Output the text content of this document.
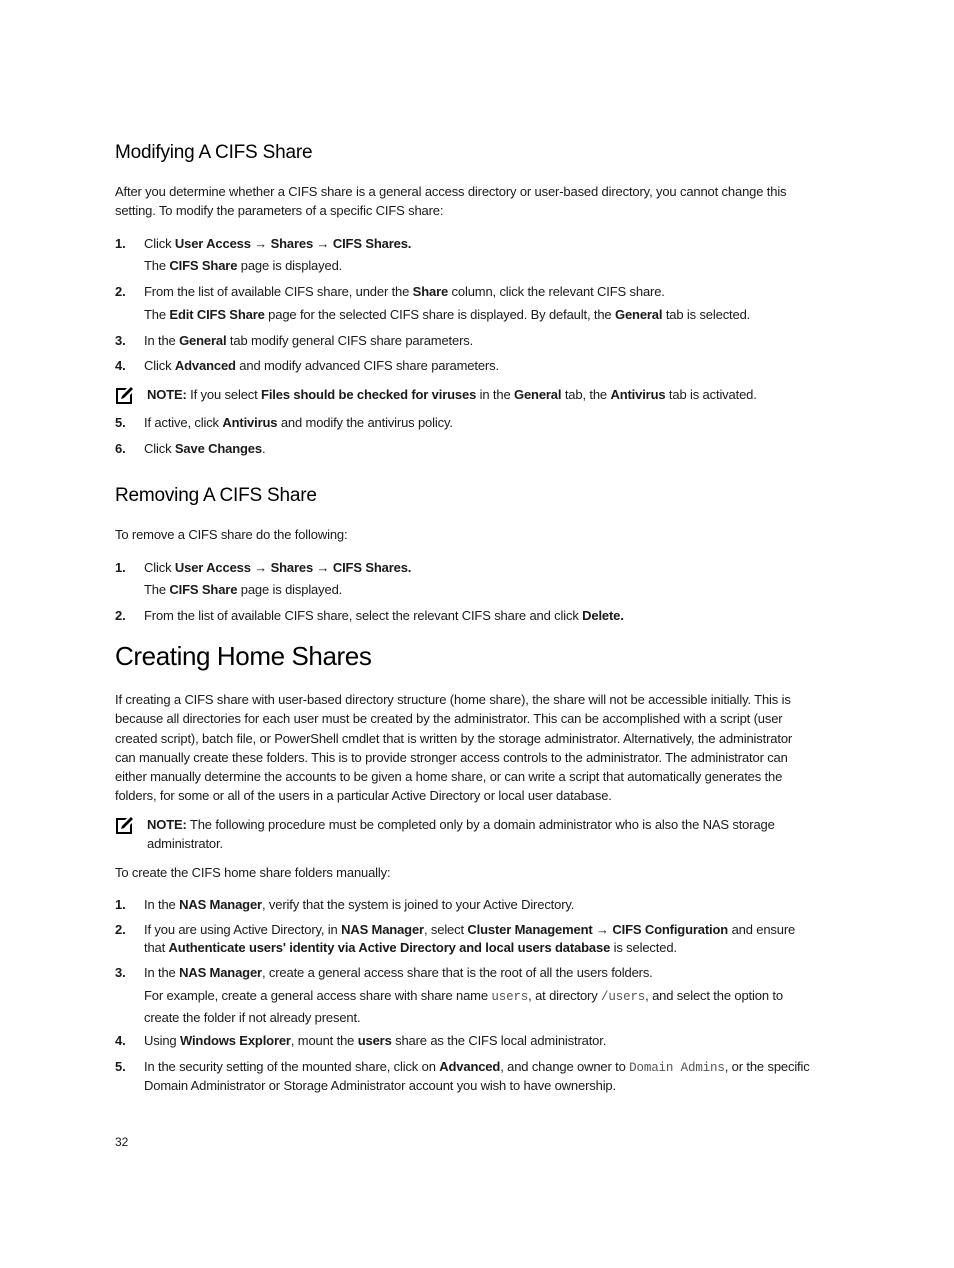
Modifying A CIFS Share

After you determine whether a CIFS share is a general access directory or user-based directory, you cannot change this setting. To modify the parameters of a specific CIFS share:

1. Click User Access → Shares → CIFS Shares.
The CIFS Share page is displayed.
2. From the list of available CIFS share, under the Share column, click the relevant CIFS share.
The Edit CIFS Share page for the selected CIFS share is displayed. By default, the General tab is selected.
3. In the General tab modify general CIFS share parameters.
4. Click Advanced and modify advanced CIFS share parameters.
NOTE: If you select Files should be checked for viruses in the General tab, the Antivirus tab is activated.
5. If active, click Antivirus and modify the antivirus policy.
6. Click Save Changes.
Removing A CIFS Share

To remove a CIFS share do the following:

1. Click User Access → Shares → CIFS Shares.
The CIFS Share page is displayed.
2. From the list of available CIFS share, select the relevant CIFS share and click Delete.
Creating Home Shares

If creating a CIFS share with user-based directory structure (home share), the share will not be accessible initially. This is because all directories for each user must be created by the administrator. This can be accomplished with a script (user created script), batch file, or PowerShell cmdlet that is written by the storage administrator. Alternatively, the administrator can manually create these folders. This is to provide stronger access controls to the administrator. The administrator can either manually determine the accounts to be given a home share, or can write a script that automatically generates the folders, for some or all of the users in a particular Active Directory or local user database.

NOTE: The following procedure must be completed only by a domain administrator who is also the NAS storage administrator.

To create the CIFS home share folders manually:

1. In the NAS Manager, verify that the system is joined to your Active Directory.
2. If you are using Active Directory, in NAS Manager, select Cluster Management → CIFS Configuration and ensure that Authenticate users' identity via Active Directory and local users database is selected.
3. In the NAS Manager, create a general access share that is the root of all the users folders.
For example, create a general access share with share name users, at directory /users, and select the option to create the folder if not already present.
4. Using Windows Explorer, mount the users share as the CIFS local administrator.
5. In the security setting of the mounted share, click on Advanced, and change owner to Domain Admins, or the specific Domain Administrator or Storage Administrator account you wish to have ownership.
32
